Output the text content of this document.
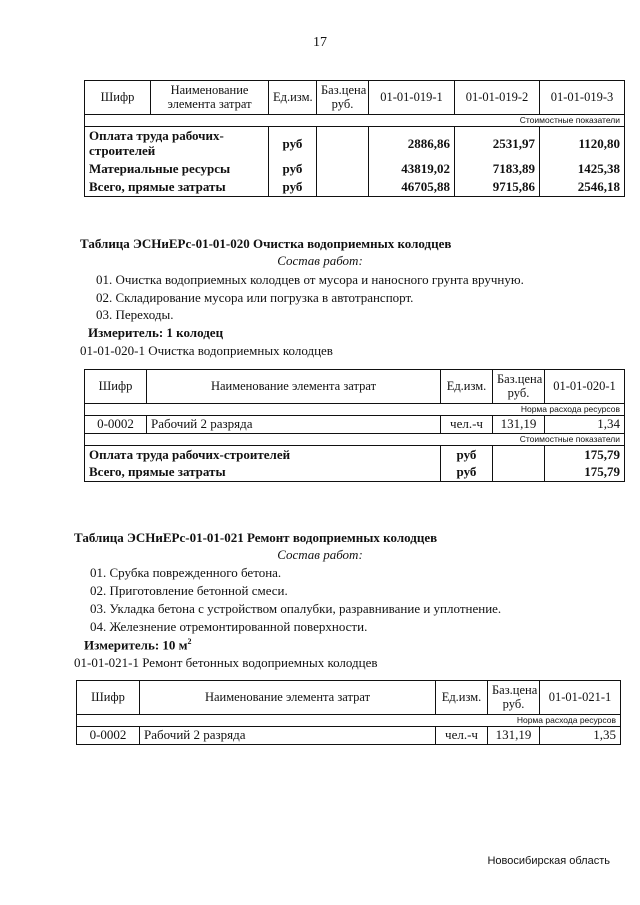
17
Шифр	Наименование элемента затрат	Ед.изм.	Баз.цена руб.	01-01-019-1	01-01-019-2	01-01-019-3
Стоимостные показатели						
Оплата труда рабочих-строителей		руб		2886,86	2531,97	1120,80
Материальные ресурсы		руб		43819,02	7183,89	1425,38
Всего, прямые затраты		руб		46705,88	9715,86	2546,18
Таблица ЭСНиЕРс-01-01-020 Очистка водоприемных колодцев
Состав работ:
01. Очистка водоприемных колодцев от мусора и наносного грунта вручную.
02. Складирование мусора или погрузка в автотранспорт.
03. Переходы.
Измеритель: 1 колодец
01-01-020-1 Очистка водоприемных колодцев
Шифр	Наименование элемента затрат	Ед.изм.	Баз.цена руб.	01-01-020-1
Норма расхода ресурсов				
0-0002	Рабочий 2 разряда	чел.-ч	131,19	1,34
Стоимостные показатели				
Оплата труда рабочих-строителей		руб		175,79
Всего, прямые затраты		руб		175,79
Таблица ЭСНиЕРс-01-01-021 Ремонт водоприемных колодцев
Состав работ:
01. Срубка поврежденного бетона.
02. Приготовление бетонной смеси.
03. Укладка бетона с устройством опалубки, разравнивание и уплотнение.
04. Железнение отремонтированной поверхности.
Измеритель: 10 $м^2$
01-01-021-1 Ремонт бетонных водоприемных колодцев
Шифр	Наименование элемента затрат	Ед.изм.	Баз.цена руб.	01-01-021-1
Норма расхода ресурсов				
0-0002	Рабочий 2 разряда	чел.-ч	131,19	1,35
Новосибирская область
